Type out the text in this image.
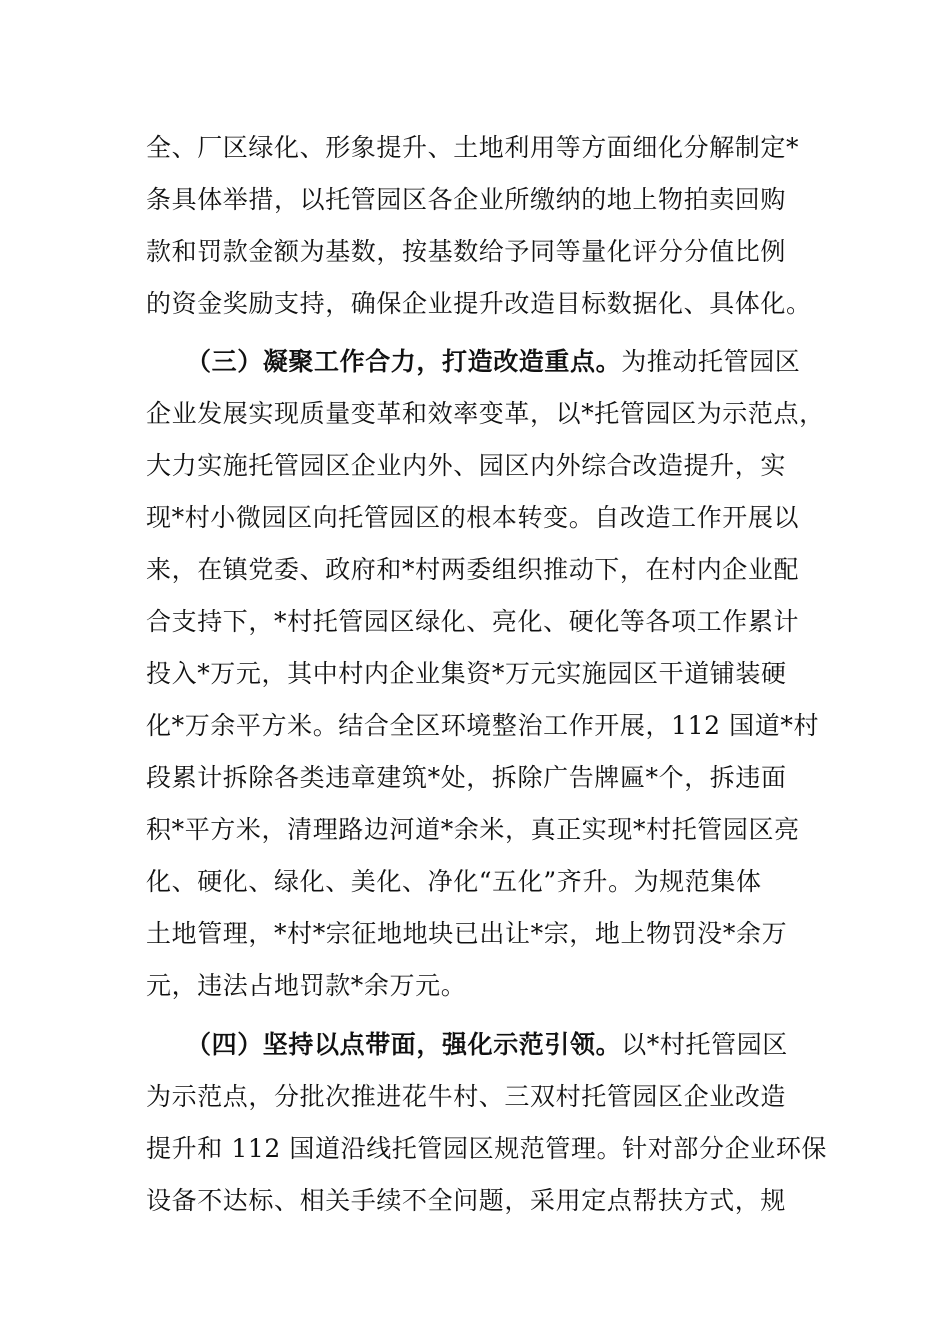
全、厂区绿化、形象提升、土地利用等方面细化分解制定*
条具体举措，以托管园区各企业所缴纳的地上物拍卖回购
款和罚款金额为基数，按基数给予同等量化评分分值比例
的资金奖励支持，确保企业提升改造目标数据化、具体化。
（三）凝聚工作合力，打造改造重点。为推动托管园区
企业发展实现质量变革和效率变革，以*托管园区为示范点，
大力实施托管园区企业内外、园区内外综合改造提升，实
现*村小微园区向托管园区的根本转变。自改造工作开展以
来，在镇党委、政府和*村两委组织推动下，在村内企业配
合支持下，*村托管园区绿化、亮化、硬化等各项工作累计
投入*万元，其中村内企业集资*万元实施园区干道铺装硬
化*万余平方米。结合全区环境整治工作开展，112 国道*村
段累计拆除各类违章建筑*处，拆除广告牌匾*个，拆违面
积*平方米，清理路边河道*余米，真正实现*村托管园区亮
化、硬化、绿化、美化、净化“五化”齐升。为规范集体
土地管理，*村*宗征地地块已出让*宗，地上物罚没*余万
元，违法占地罚款*余万元。
（四）坚持以点带面，强化示范引领。以*村托管园区
为示范点，分批次推进花牛村、三双村托管园区企业改造
提升和 112 国道沿线托管园区规范管理。针对部分企业环保
设备不达标、相关手续不全问题，采用定点帮扶方式，规
